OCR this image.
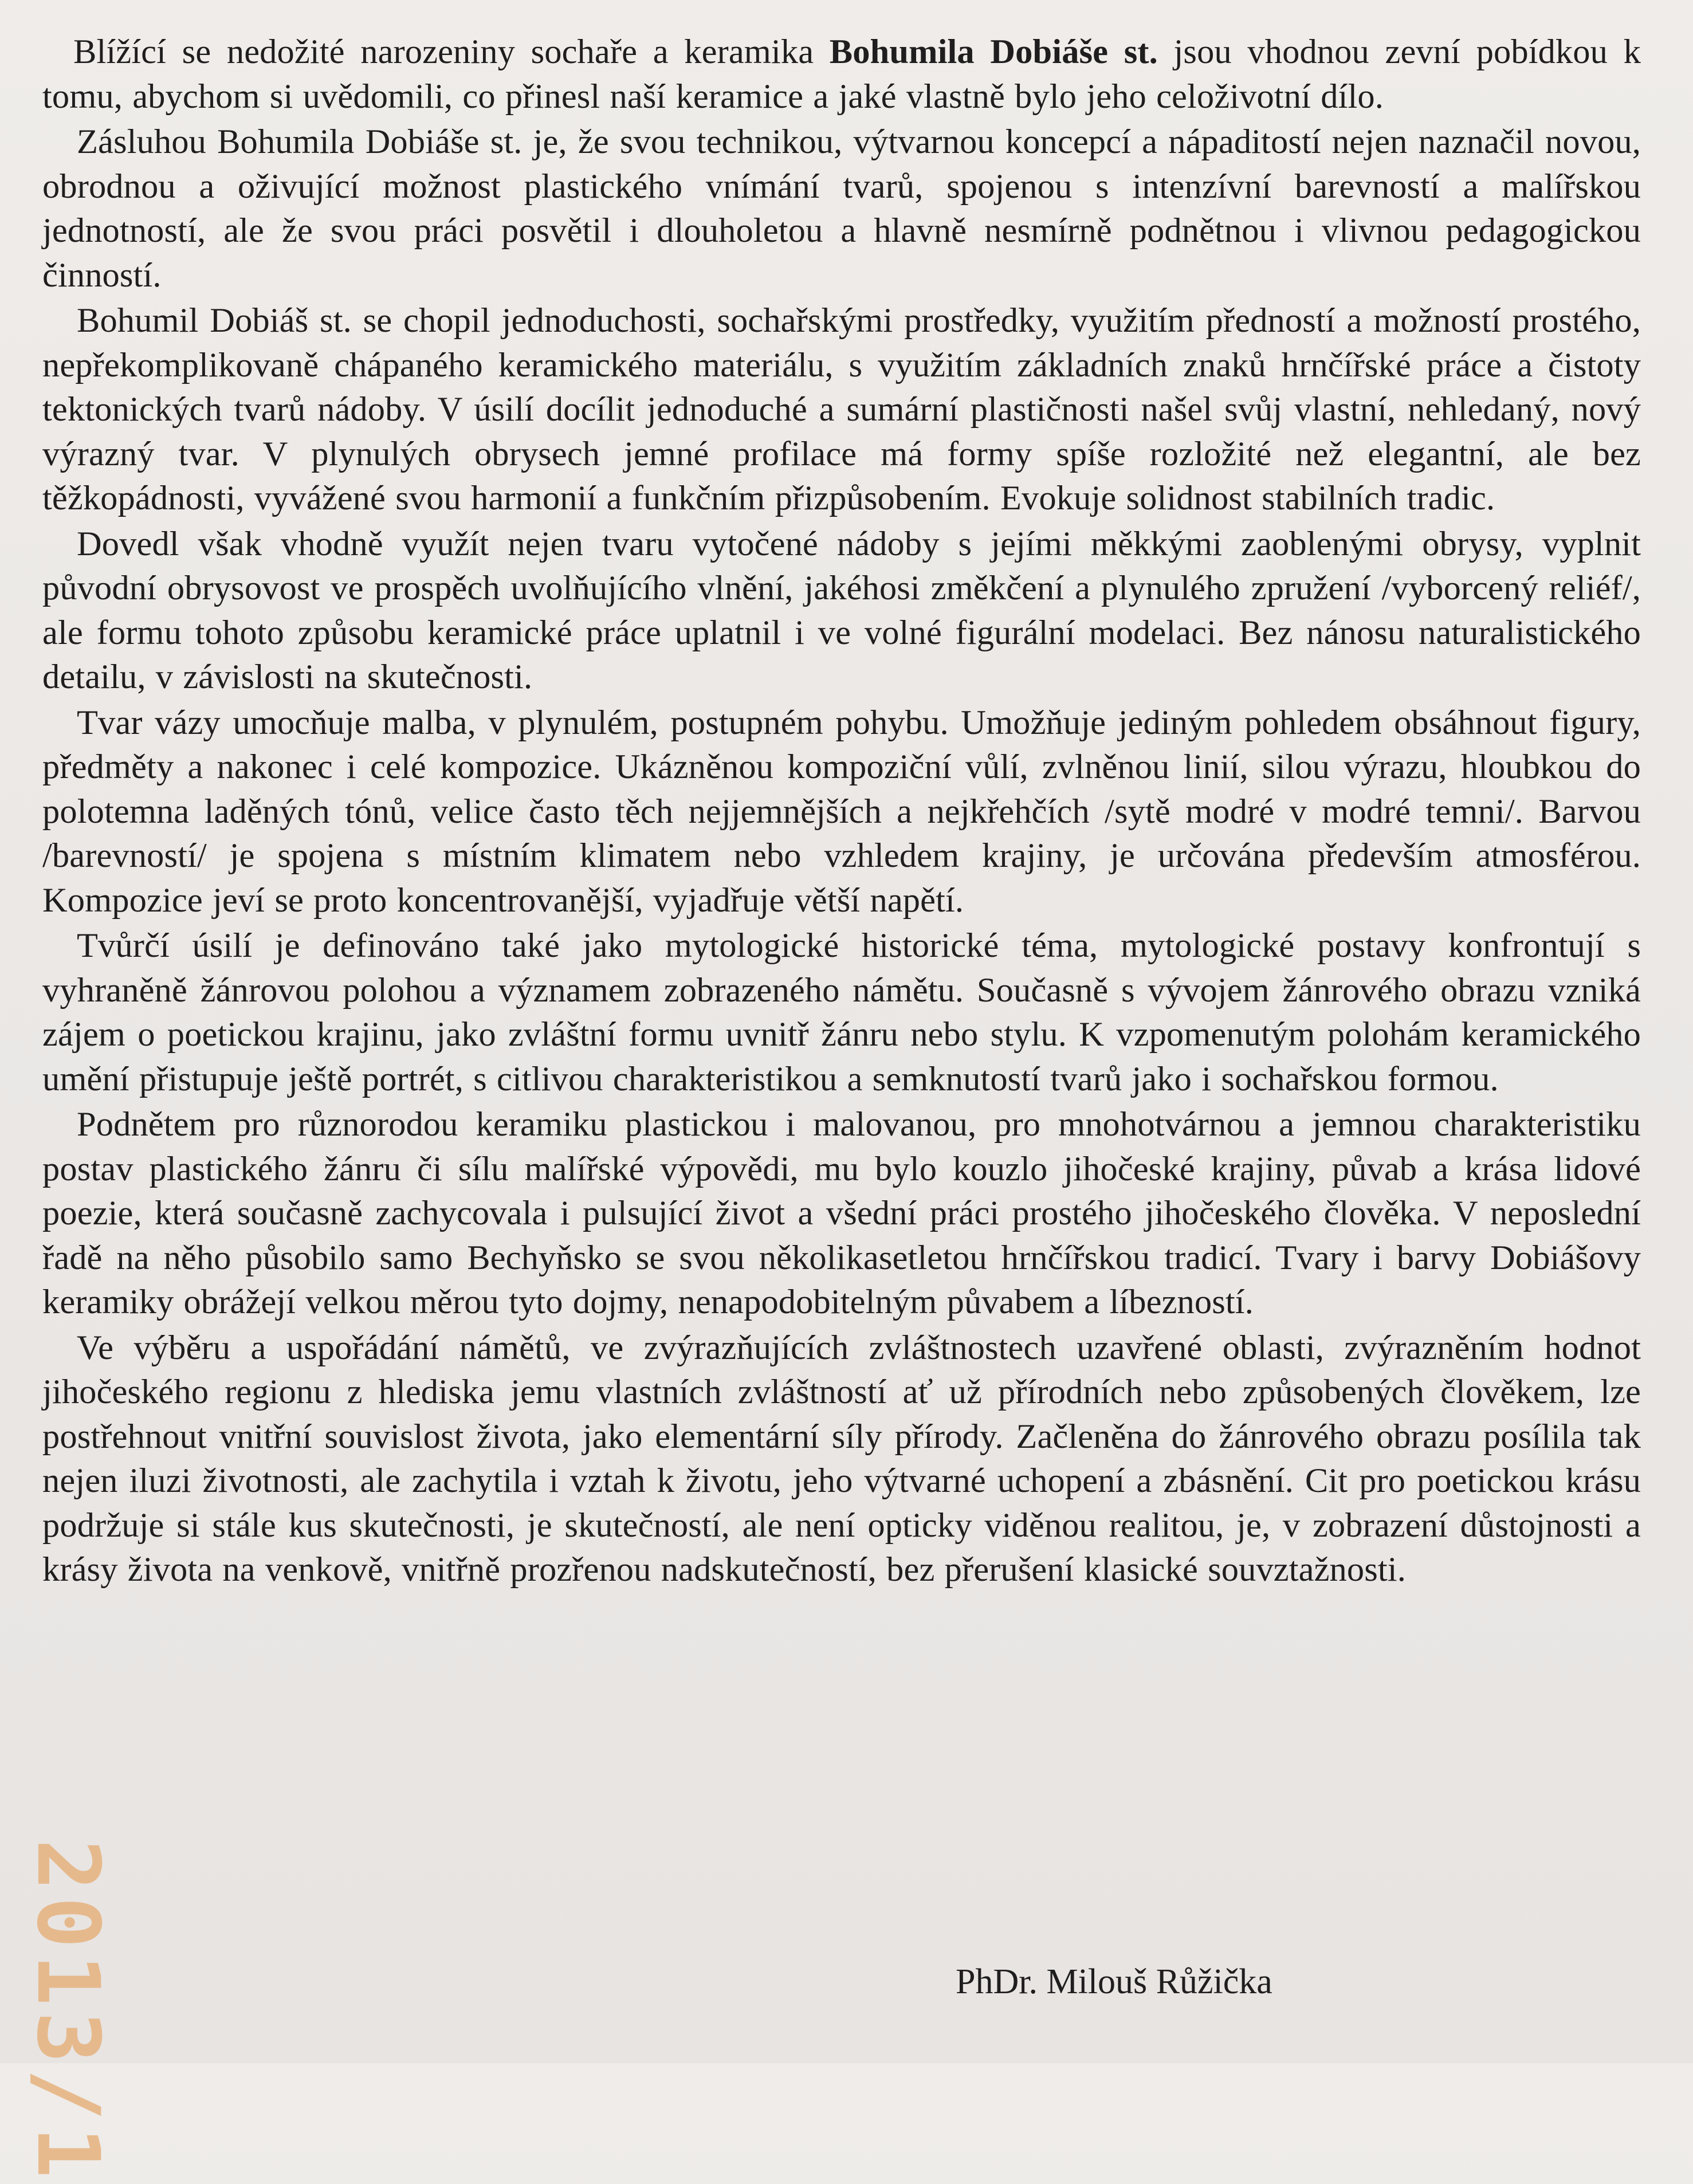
Blížící se nedožité narozeniny sochaře a keramika Bohumila Dobiáše st. jsou vhodnou zevní pobídkou k tomu, abychom si uvědomili, co přinesl naší keramice a jaké vlastně bylo jeho celoživotní dílo.

Zásluhou Bohumila Dobiáše st. je, že svou technikou, výtvarnou koncepcí a nápaditostí nejen naznačil novou, obrodnou a oživující možnost plastického vnímání tvarů, spojenou s intenzívní barevností a malířskou jednotností, ale že svou práci posvětil i dlouholetou a hlavně nesmírně podnětnou i vlivnou pedagogickou činností.

Bohumil Dobiáš st. se chopil jednoduchosti, sochařskými prostředky, využitím předností a možností prostého, nepřekomplikovaně chápaného keramického materiálu, s využitím základních znaků hrnčířské práce a čistoty tektonických tvarů nádoby. V úsilí docílit jednoduché a sumární plastičnosti našel svůj vlastní, nehledaný, nový výrazný tvar. V plynulých obrysech jemné profilace má formy spíše rozložité než elegantní, ale bez těžkopádnosti, vyvážené svou harmonií a funkčním přizpůsobením. Evokuje solidnost stabilních tradic.

Dovedl však vhodně využít nejen tvaru vytočené nádoby s jejími měkkými zaoblenými obrysy, vyplnit původní obrysovost ve prospěch uvolňujícího vlnění, jakéhosi změkčení a plynulého zpružení /vyborcený reliéf/, ale formu tohoto způsobu keramické práce uplatnil i ve volné figurální modelaci. Bez nánosu naturalistického detailu, v závislosti na skutečnosti.

Tvar vázy umocňuje malba, v plynulém, postupném pohybu. Umožňuje jediným pohledem obsáhnout figury, předměty a nakonec i celé kompozice. Ukázněnou kompoziční vůlí, zvlněnou linií, silou výrazu, hloubkou do polotemna laděných tónů, velice často těch nejjemnějších a nejkřehčích /sytě modré v modré temni/. Barvou /barevností/ je spojena s místním klimatem nebo vzhledem krajiny, je určována především atmosférou. Kompozice jeví se proto koncentrovanější, vyjadřuje větší napětí.

Tvůrčí úsilí je definováno také jako mytologické historické téma, mytologické postavy konfrontují s vyhraněně žánrovou polohou a významem zobrazeného námětu. Současně s vývojem žánrového obrazu vzniká zájem o poetickou krajinu, jako zvláštní formu uvnitř žánru nebo stylu. K vzpomenutým polohám keramického umění přistupuje ještě portrét, s citlivou charakteristikou a semknutostí tvarů jako i sochařskou formou.

Podnětem pro různorodou keramiku plastickou i malovanou, pro mnohotvárnou a jemnou charakteristiku postav plastického žánru či sílu malířské výpovědi, mu bylo kouzlo jihočeské krajiny, půvab a krása lidové poezie, která současně zachycovala i pulsující život a všední práci prostého jihočeského člověka. V neposlední řadě na něho působilo samo Bechyňsko se svou několikasetletou hrnčířskou tradicí. Tvary i barvy Dobiášovy keramiky obrážejí velkou měrou tyto dojmy, nenapodobitelným půvabem a líbezností.

Ve výběru a uspořádání námětů, ve zvýrazňujících zvláštnostech uzavřené oblasti, zvýrazněním hodnot jihočeského regionu z hlediska jemu vlastních zvláštností ať už přírodních nebo způsobených člověkem, lze postřehnout vnitřní souvislost života, jako elementární síly přírody. Začleněna do žánrového obrazu posílila tak nejen iluzi životnosti, ale zachytila i vztah k životu, jeho výtvarné uchopení a zbásnění. Cit pro poetickou krásu podržuje si stále kus skutečnosti, je skutečností, ale není opticky viděnou realitou, je, v zobrazení důstojnosti a krásy života na venkově, vnitřně prozřenou nadskutečností, bez přerušení klasické souvztažnosti.

PhDr. Milouš Růžička
2013/1
